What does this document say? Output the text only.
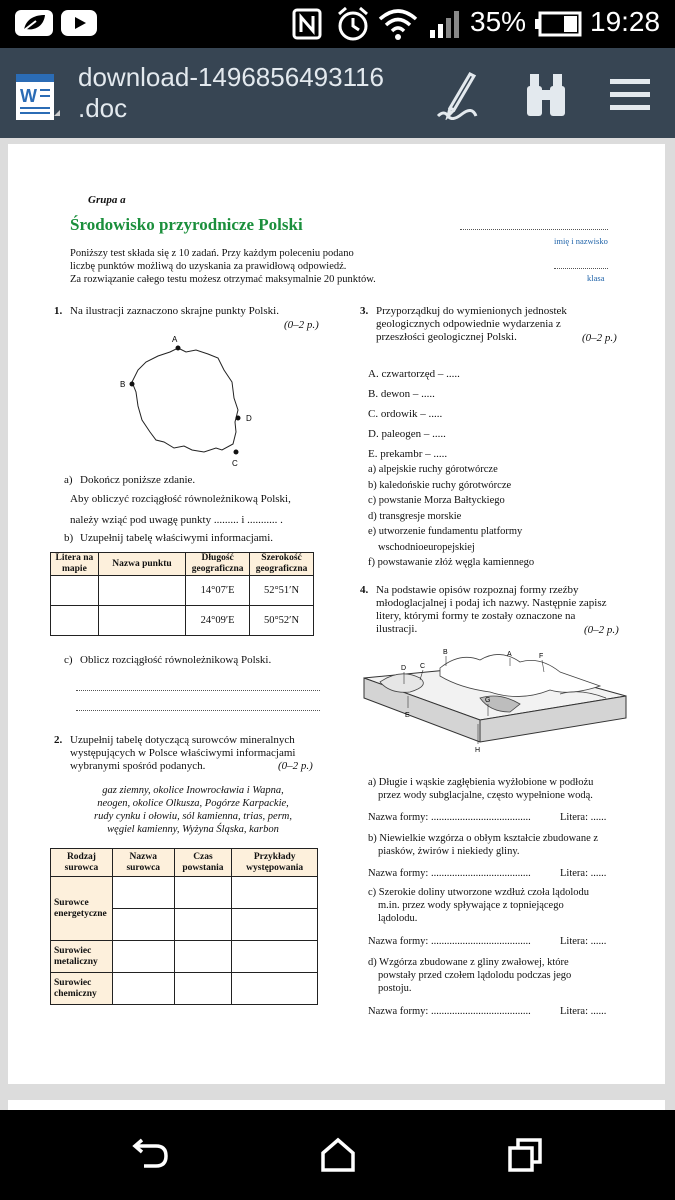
35% 19:28
W
download-1496856493116
.doc
Grupa a
Środowisko przyrodnicze Polski
imię i nazwisko
klasa
Poniższy test składa się z 10 zadań. Przy każdym poleceniu podano
liczbę punktów możliwą do uzyskania za prawidłową odpowiedź.
Za rozwiązanie całego testu możesz otrzymać maksymalnie 20 punktów.
1. Na ilustracji zaznaczono skrajne punkty Polski.
(0–2 p.)
A
B
C
D
a) Dokończ poniższe zdanie.
Aby obliczyć rozciągłość równoleżnikową Polski,
należy wziąć pod uwagę punkty ......... i ........... .
b) Uzupełnij tabelę właściwymi informacjami.
Litera na mapie	Nazwa punktu	Długość geograficzna	Szerokość geograficzna
		14°07′E	52°51′N
		24°09′E	50°52′N
c) Oblicz rozciągłość równoleżnikową Polski.
2. Uzupełnij tabelę dotyczącą surowców mineralnych
występujących w Polsce właściwymi informacjami
wybranymi spośród podanych.	(0–2 p.)
gaz ziemny, okolice Inowrocławia i Wapna,
neogen, okolice Olkusza, Pogórze Karpackie,
rudy cynku i ołowiu, sól kamienna, trias, perm,
węgiel kamienny, Wyżyna Śląska, karbon
Rodzaj surowca	Nazwa surowca	Czas powstania	Przykłady występowania
Surowce energetyczne			

Surowiec metaliczny			
Surowiec chemiczny			
3. Przyporządkuj do wymienionych jednostek
geologicznych odpowiednie wydarzenia z
przeszłości geologicznej Polski.	(0–2 p.)
A. czwartorzęd – .....
B. dewon – .....
C. ordowik – .....
D. paleogen – .....
E. prekambr – .....
a) alpejskie ruchy górotwórcze
b) kaledońskie ruchy górotwórcze
c) powstanie Morza Bałtyckiego
d) transgresje morskie
e) utworzenie fundamentu platformy
wschodnioeuropejskiej
f) powstawanie złóż węgla kamiennego
4. Na podstawie opisów rozpoznaj formy rzeźby
młodoglacjalnej i podaj ich nazwy. Następnie zapisz
litery, którymi formy te zostały oznaczone na
ilustracji.	(0–2 p.)
B	A	F
C
D
E
G
H
a) Długie i wąskie zagłębienia wyżłobione w podłożu
przez wody subglacjalne, często wypełnione wodą.
Nazwa formy: ......................................	Litera: ......
b) Niewielkie wzgórza o obłym kształcie zbudowane z
piasków, żwirów i niekiedy gliny.
Nazwa formy: ......................................	Litera: ......
c) Szerokie doliny utworzone wzdłuż czoła lądolodu
m.in. przez wody spływające z topniejącego
lądolodu.
Nazwa formy: ......................................	Litera: ......
d) Wzgórza zbudowane z gliny zwałowej, które
powstały przed czołem lądolodu podczas jego
postoju.
Nazwa formy: ......................................	Litera: ......
